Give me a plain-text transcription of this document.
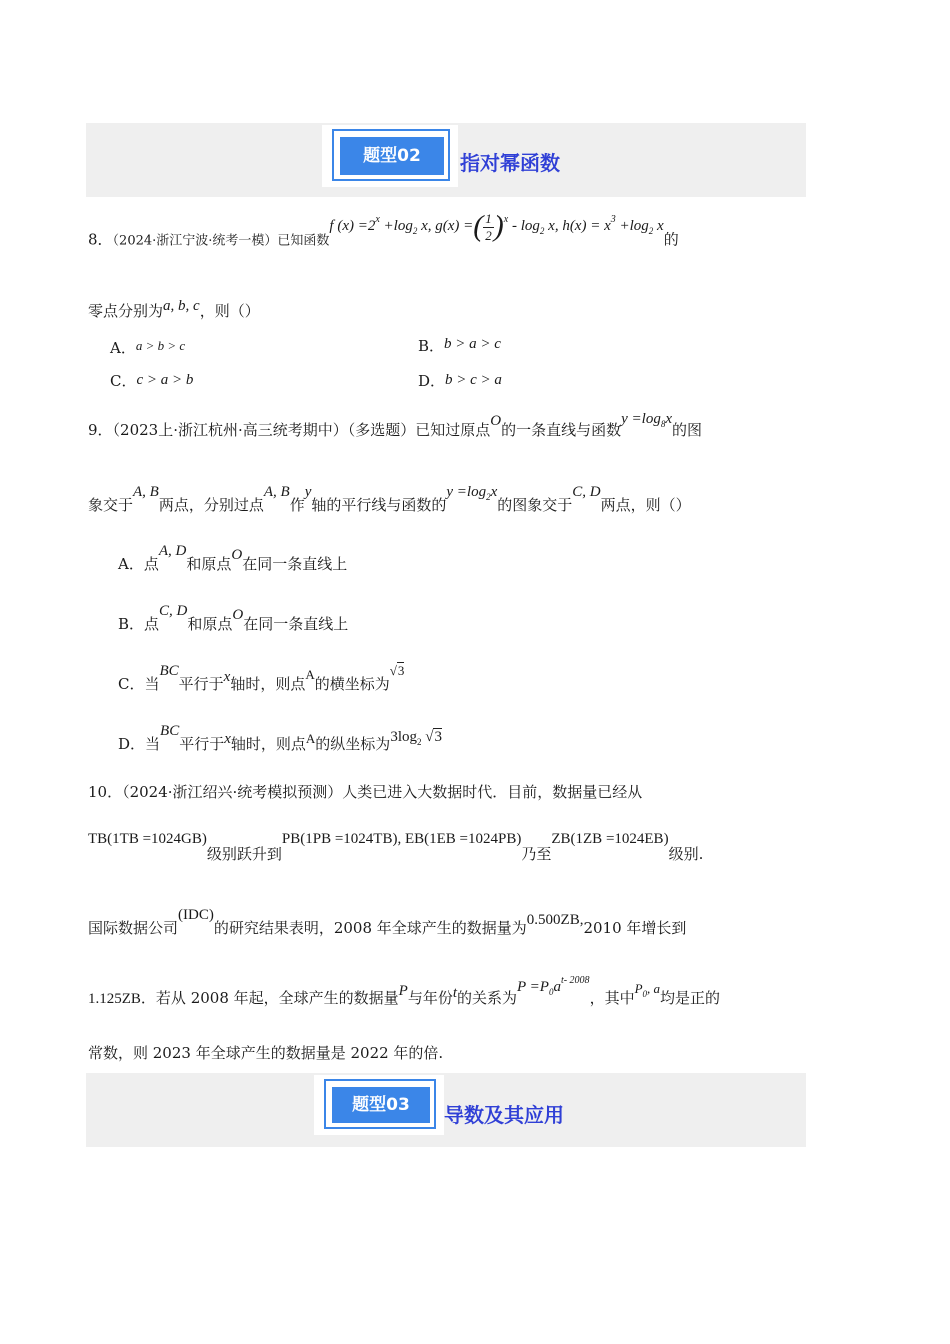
题型02	指对幂函数
8．（2024·浙江宁波·统考一模）已知函数f $(x) =2^x +\log_2$ x, g(x) =( $\frac{1}{2} )^x - \log_2 x$, $h(x) = x^3 +\log_2$ x的
零点分别为a, b, c，则（）
A．a > b > c	B．b > a > c
C．c > a > b	D．b > c > a
9．（2023上·浙江杭州·高三统考期中）（多选题）已知过原点O的一条直线与函数$y =\log_8x$的图
象交于A, B两点，分别过点A, B作y轴的平行线与函数的$y =\log_2x$的图象交于C, D两点，则（）
A．点A, D和原点O在同一条直线上
B．点C, D和原点O在同一条直线上
C．当BC平行于x轴时，则点A的横坐标为√3
D．当BC平行于x轴时，则点A的纵坐标为$3\log_2$ √3
10．（2024·浙江绍兴·统考模拟预测）人类已进入大数据时代．目前，数据量已经从
TB(1TB =1024GB)级别跃升到PB(1PB =1024TB), EB(1EB =1024PB)乃至ZB(1ZB =1024EB)级别.
国际数据公司(IDC)的研究结果表明，2008 年全球产生的数据量为0.500ZB,2010 年增长到
1.125ZB．若从 2008 年起，全球产生的数据量P与年份t的关系为$P =P_0a^{t- 2008}$，其中$P_0$, a均是正的
常数，则 2023 年全球产生的数据量是 2022 年的倍.
题型03	导数及其应用
